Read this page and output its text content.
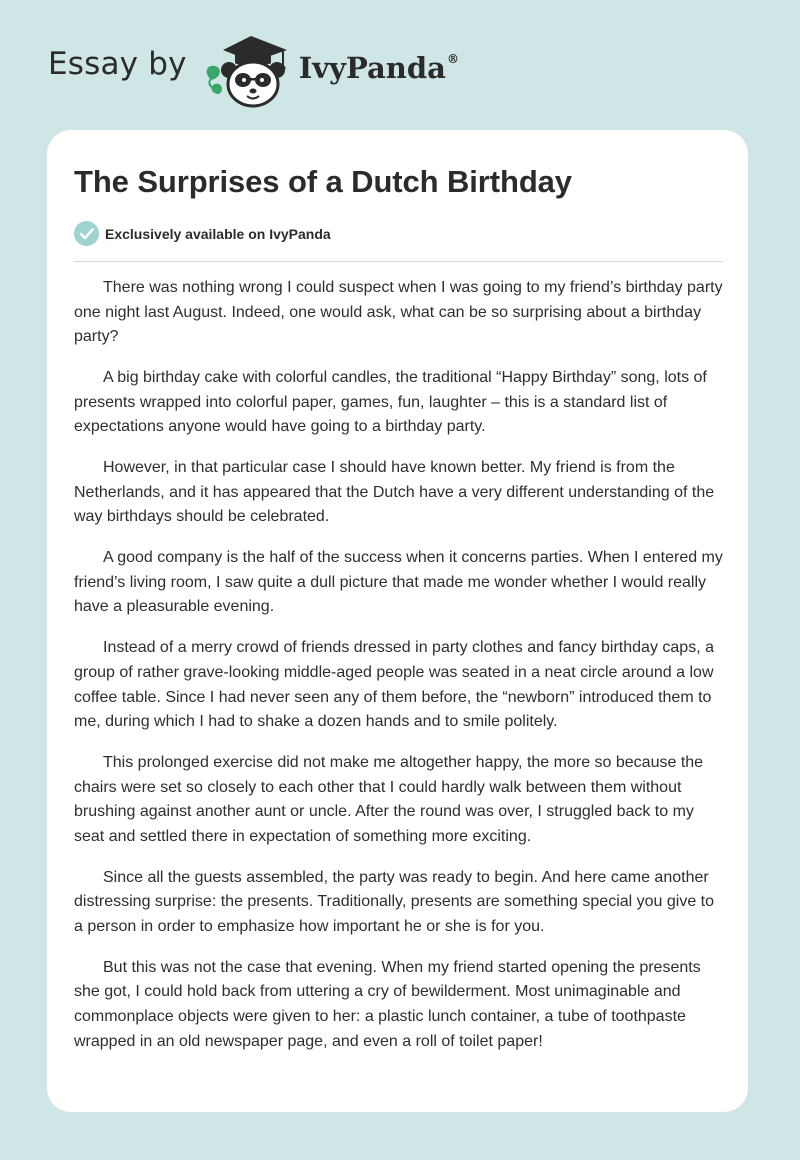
Essay by	IvyPanda®
The Surprises of a Dutch Birthday
Exclusively available on IvyPanda

There was nothing wrong I could suspect when I was going to my friend’s birthday party one night last August. Indeed, one would ask, what can be so surprising about a birthday party?

A big birthday cake with colorful candles, the traditional “Happy Birthday” song, lots of presents wrapped into colorful paper, games, fun, laughter – this is a standard list of expectations anyone would have going to a birthday party.

However, in that particular case I should have known better. My friend is from the Netherlands, and it has appeared that the Dutch have a very different understanding of the way birthdays should be celebrated.

A good company is the half of the success when it concerns parties. When I entered my friend’s living room, I saw quite a dull picture that made me wonder whether I would really have a pleasurable evening.

Instead of a merry crowd of friends dressed in party clothes and fancy birthday caps, a group of rather grave-looking middle-aged people was seated in a neat circle around a low coffee table. Since I had never seen any of them before, the “newborn” introduced them to me, during which I had to shake a dozen hands and to smile politely.

This prolonged exercise did not make me altogether happy, the more so because the chairs were set so closely to each other that I could hardly walk between them without brushing against another aunt or uncle. After the round was over, I struggled back to my seat and settled there in expectation of something more exciting.

Since all the guests assembled, the party was ready to begin. And here came another distressing surprise: the presents. Traditionally, presents are something special you give to a person in order to emphasize how important he or she is for you.

But this was not the case that evening. When my friend started opening the presents she got, I could hold back from uttering a cry of bewilderment. Most unimaginable and commonplace objects were given to her: a plastic lunch container, a tube of toothpaste wrapped in an old newspaper page, and even a roll of toilet paper!
